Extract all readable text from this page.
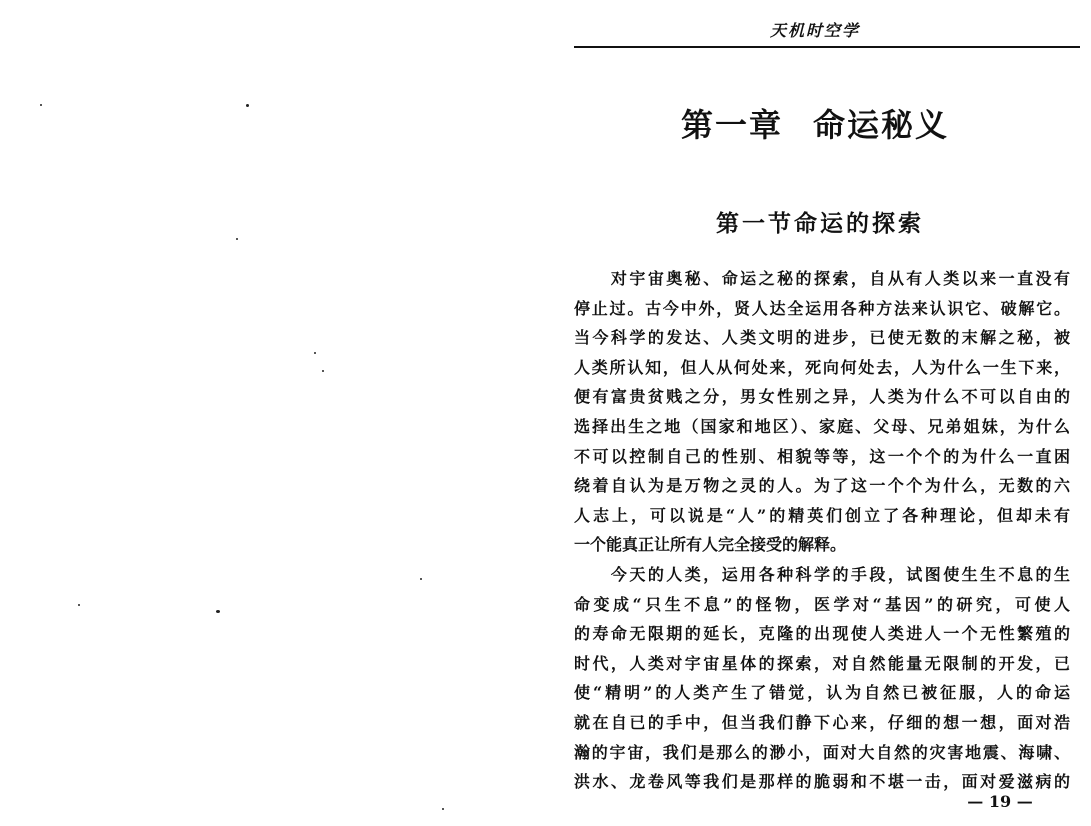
天机时空学
第一章 命运秘义
第一节命运的探索
　　对宇宙奥秘、命运之秘的探索，自从有人类以来一直没有
停止过。古今中外，贤人达全运用各种方法来认识它、破解它。
当今科学的发达、人类文明的进步，已使无数的末解之秘，被
人类所认知，但人从何处来，死向何处去，人为什么一生下来，
便有富贵贫贱之分，男女性别之异，人类为什么不可以自由的
选择出生之地（国家和地区）、家庭、父母、兄弟姐妹，为什么
不可以控制自己的性别、相貌等等，这一个个的为什么一直困
绕着自认为是万物之灵的人。为了这一个个为什么，无数的六
人志上，可以说是“人”的精英们创立了各种理论，但却未有
一个能真正让所有人完全接受的解释。
　　今天的人类，运用各种科学的手段，试图使生生不息的生
命变成“只生不息”的怪物，医学对“基因”的研究，可使人
的寿命无限期的延长，克隆的出现使人类进人一个无性繁殖的
时代，人类对宇宙星体的探索，对自然能量无限制的开发，已
使“精明”的人类产生了错觉，认为自然已被征服，人的命运
就在自已的手中，但当我们静下心来，仔细的想一想，面对浩
瀚的宇宙，我们是那么的渺小，面对大自然的灾害地震、海啸、
洪水、龙卷风等我们是那样的脆弱和不堪一击，面对爱滋病的
— 19 —
